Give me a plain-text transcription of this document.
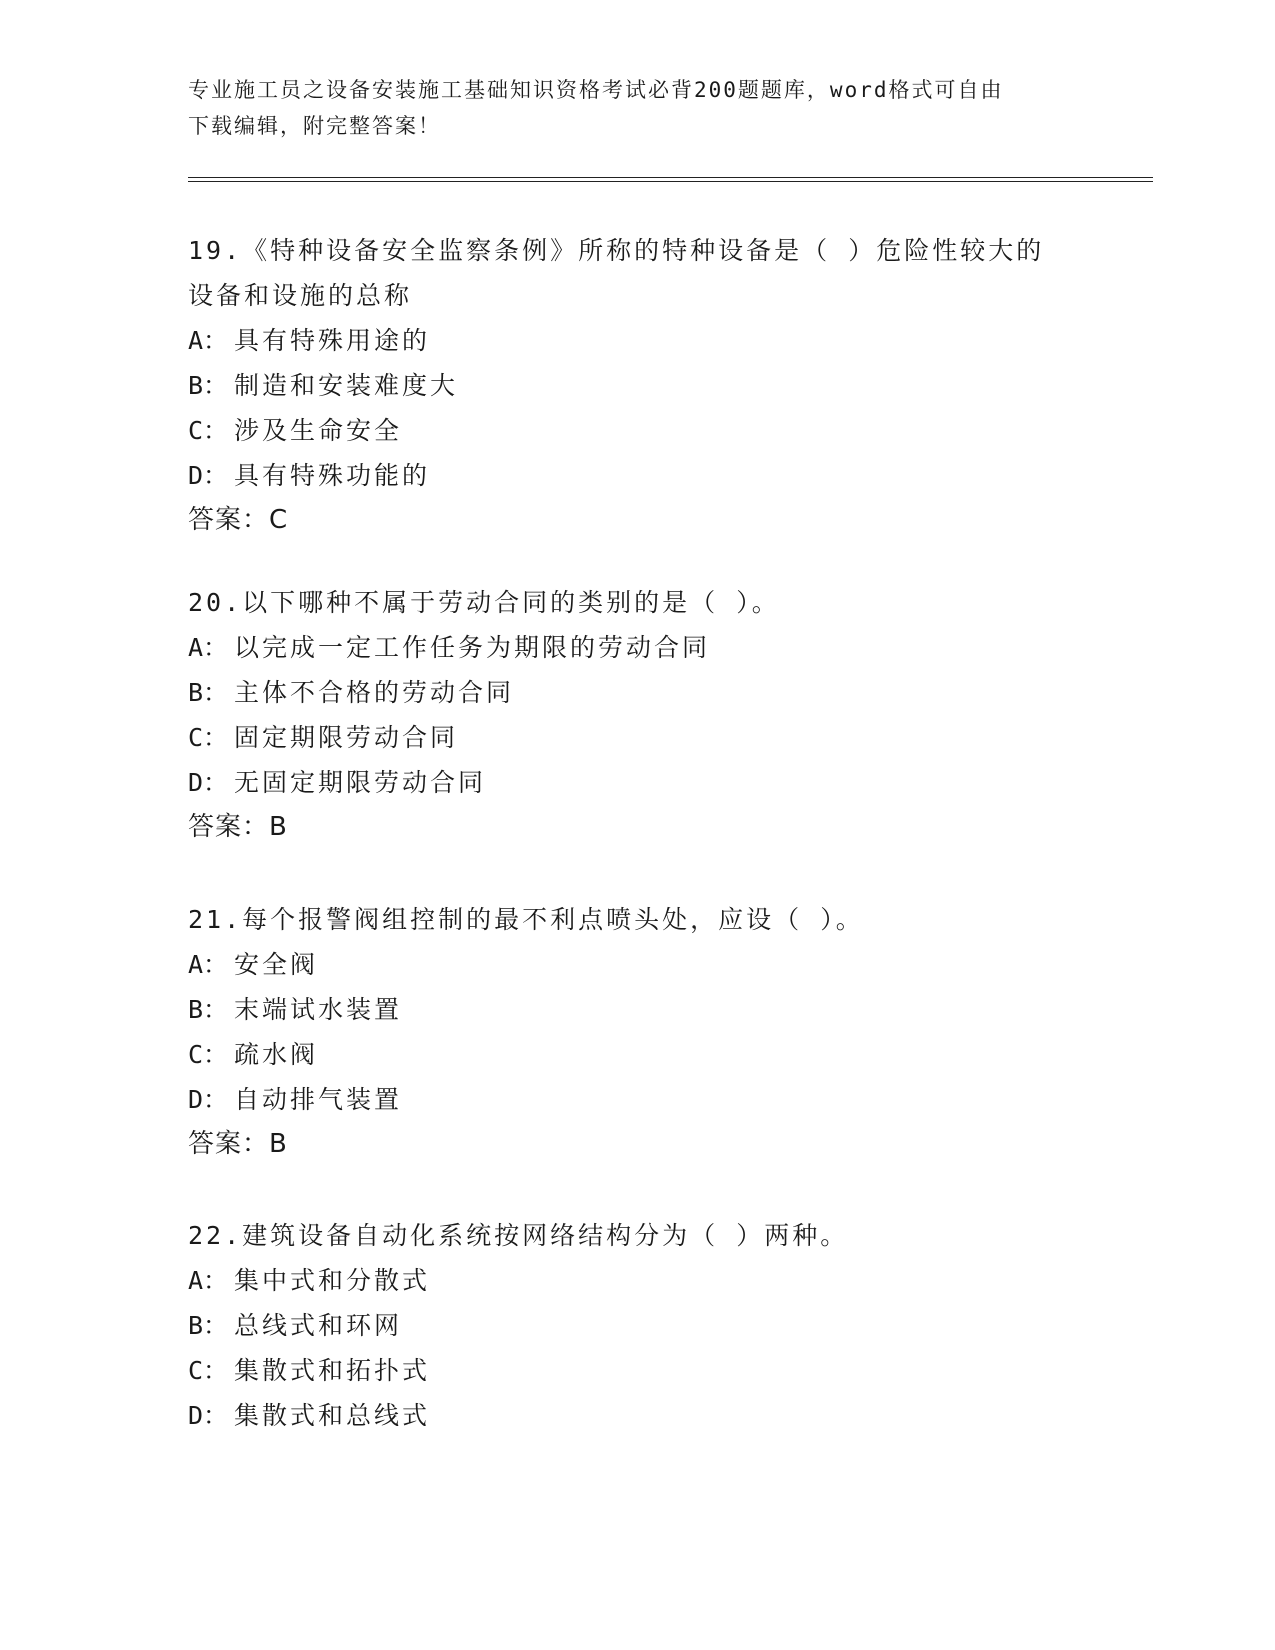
专业施工员之设备安装施工基础知识资格考试必背200题题库，word格式可自由
下载编辑，附完整答案！

19.《特种设备安全监察条例》所称的特种设备是（ ）危险性较大的

设备和设施的总称

A： 具有特殊用途的

B： 制造和安装难度大

C： 涉及生命安全

D： 具有特殊功能的

答案：C

20.以下哪种不属于劳动合同的类别的是（ ）。

A： 以完成一定工作任务为期限的劳动合同

B： 主体不合格的劳动合同

C： 固定期限劳动合同

D： 无固定期限劳动合同

答案：B

21.每个报警阀组控制的最不利点喷头处，应设（ ）。

A： 安全阀

B： 末端试水装置

C： 疏水阀

D： 自动排气装置

答案：B

22.建筑设备自动化系统按网络结构分为（ ）两种。

A： 集中式和分散式

B： 总线式和环网

C： 集散式和拓扑式

D： 集散式和总线式
